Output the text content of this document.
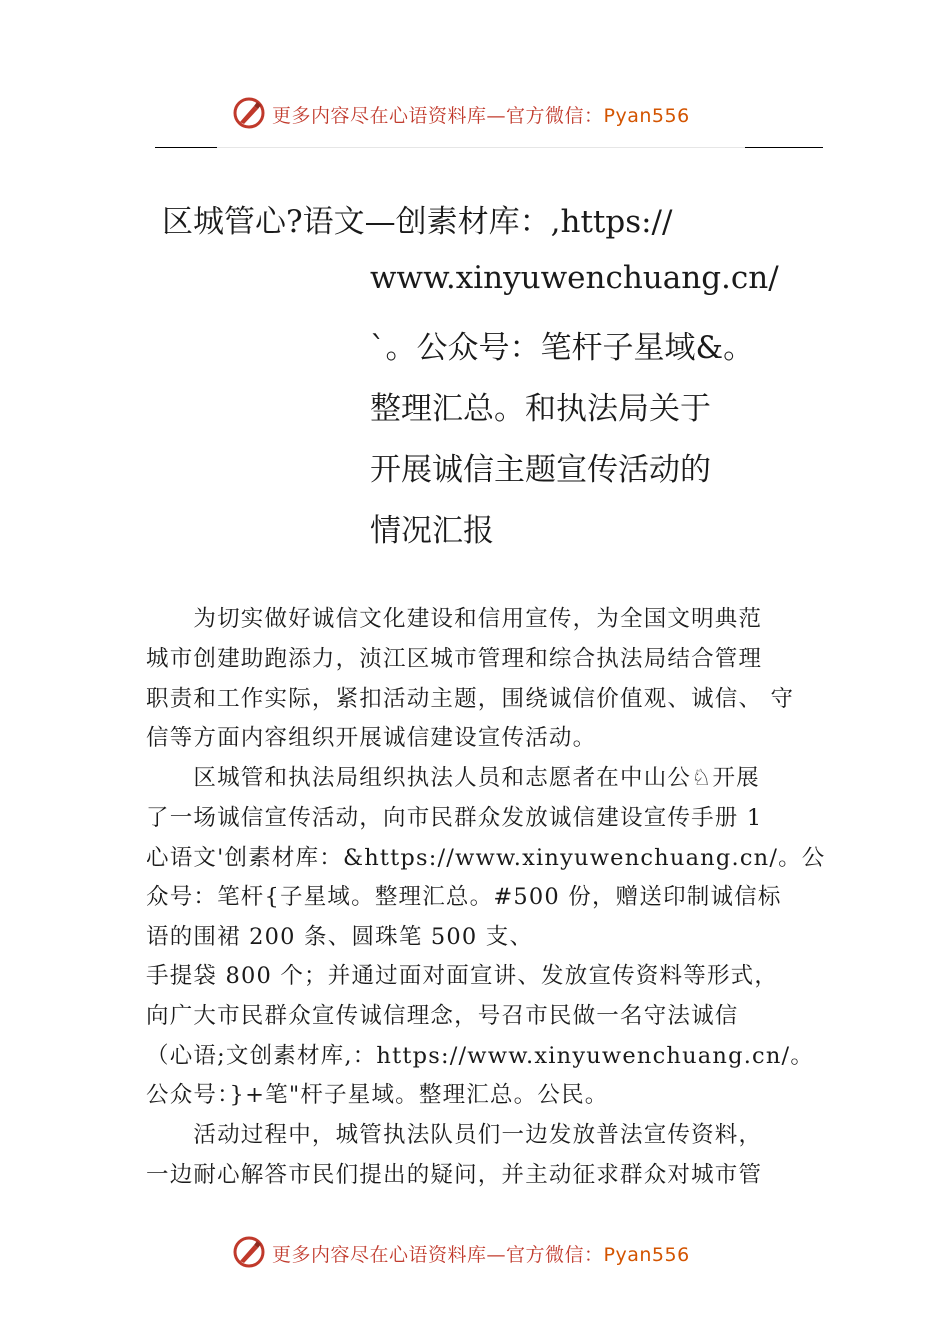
更多内容尽在心语资料库—官方微信：Pyan556
区城管心?语文—创素材库：,https://
www.xinyuwenchuang.cn/
`。公众号：笔杆子星域&。
整理汇总。和执法局关于
开展诚信主题宣传活动的
情况汇报
　　为切实做好诚信文化建设和信用宣传，为全国文明典范
城市创建助跑添力，浈江区城市管理和综合执法局结合管理
职责和工作实际，紧扣活动主题，围绕诚信价值观、诚信、 守
信等方面内容组织开展诚信建设宣传活动。
　　区城管和执法局组织执法人员和志愿者在中山公♘开展
了一场诚信宣传活动，向市民群众发放诚信建设宣传手册 1
心语文'创素材库：&https://www.xinyuwenchuang.cn/。公
众号：笔杆{子星域。整理汇总。#500 份，赠送印制诚信标
语的围裙 200 条、圆珠笔 500 支、
手提袋 800 个；并通过面对面宣讲、发放宣传资料等形式，
向广大市民群众宣传诚信理念，号召市民做一名守法诚信
（心语;文创素材库,：https://www.xinyuwenchuang.cn/。
公众号：}+笔"杆子星域。整理汇总。公民。
　　活动过程中，城管执法队员们一边发放普法宣传资料，
一边耐心解答市民们提出的疑问，并主动征求群众对城市管
更多内容尽在心语资料库—官方微信：Pyan556
